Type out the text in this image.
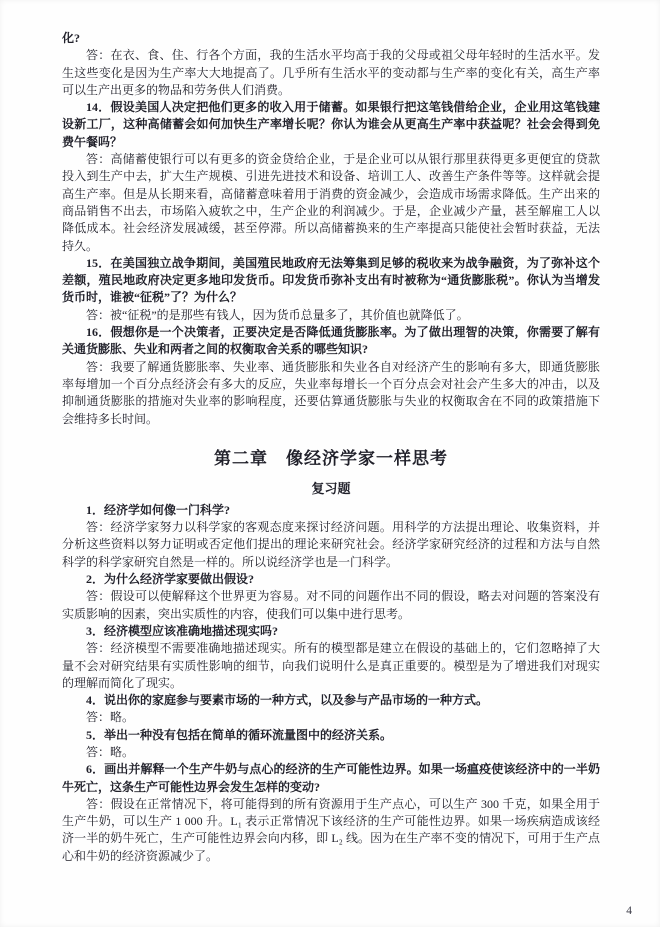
化?

答：在衣、食、住、行各个方面，我的生活水平均高于我的父母或祖父母年轻时的生活水平。发生这些变化是因为生产率大大地提高了。几乎所有生活水平的变动都与生产率的变化有关，高生产率可以生产出更多的物品和劳务供人们消费。

14．假设美国人决定把他们更多的收入用于储蓄。如果银行把这笔钱借给企业，企业用这笔钱建设新工厂，这种高储蓄会如何加快生产率增长呢？你认为谁会从更高生产率中获益呢？社会会得到免费午餐吗？

答：高储蓄使银行可以有更多的资金贷给企业，于是企业可以从银行那里获得更多更便宜的贷款投入到生产中去，扩大生产规模、引进先进技术和设备、培训工人、改善生产条件等等。这样就会提高生产率。但是从长期来看，高储蓄意味着用于消费的资金减少，会造成市场需求降低。生产出来的商品销售不出去，市场陷入疲软之中，生产企业的利润减少。于是，企业减少产量，甚至解雇工人以降低成本。社会经济发展减缓，甚至停滞。所以高储蓄换来的生产率提高只能使社会暂时获益，无法持久。

15．在美国独立战争期间，美国殖民地政府无法筹集到足够的税收来为战争融资，为了弥补这个差额，殖民地政府决定更多地印发货币。印发货币弥补支出有时被称为“通货膨胀税”。你认为当增发货币时，谁被“征税”了？为什么？

答：被“征税”的是那些有钱人，因为货币总量多了，其价值也就降低了。

16．假想你是一个决策者，正要决定是否降低通货膨胀率。为了做出理智的决策，你需要了解有关通货膨胀、失业和两者之间的权衡取舍关系的哪些知识?

答：我要了解通货膨胀率、失业率、通货膨胀和失业各自对经济产生的影响有多大，即通货膨胀率每增加一个百分点经济会有多大的反应，失业率每增长一个百分点会对社会产生多大的冲击，以及抑制通货膨胀的措施对失业率的影响程度，还要估算通货膨胀与失业的权衡取舍在不同的政策措施下会维持多长时间。

第二章　像经济学家一样思考
复习题

1．经济学如何像一门科学?

答：经济学家努力以科学家的客观态度来探讨经济问题。用科学的方法提出理论、收集资料，并分析这些资料以努力证明或否定他们提出的理论来研究社会。经济学家研究经济的过程和方法与自然科学的科学家研究自然是一样的。所以说经济学也是一门科学。

2．为什么经济学家要做出假设?

答：假设可以使解释这个世界更为容易。对不同的问题作出不同的假设，略去对问题的答案没有实质影响的因素，突出实质性的内容，使我们可以集中进行思考。

3．经济模型应该准确地描述现实吗?

答：经济模型不需要准确地描述现实。所有的模型都是建立在假设的基础上的，它们忽略掉了大量不会对研究结果有实质性影响的细节，向我们说明什么是真正重要的。模型是为了增进我们对现实的理解而简化了现实。

4．说出你的家庭参与要素市场的一种方式，以及参与产品市场的一种方式。

答：略。

5．举出一种没有包括在简单的循环流量图中的经济关系。

答：略。

6．画出并解释一个生产牛奶与点心的经济的生产可能性边界。如果一场瘟疫使该经济中的一半奶牛死亡，这条生产可能性边界会发生怎样的变动?

答：假设在正常情况下，将可能得到的所有资源用于生产点心，可以生产 300 千克，如果全用于生产牛奶，可以生产 1 000 升。L₁ 表示正常情况下该经济的生产可能性边界。如果一场疾病造成该经济一半的奶牛死亡，生产可能性边界会向内移，即 L₂ 线。因为在生产率不变的情况下，可用于生产点心和牛奶的经济资源减少了。

4
